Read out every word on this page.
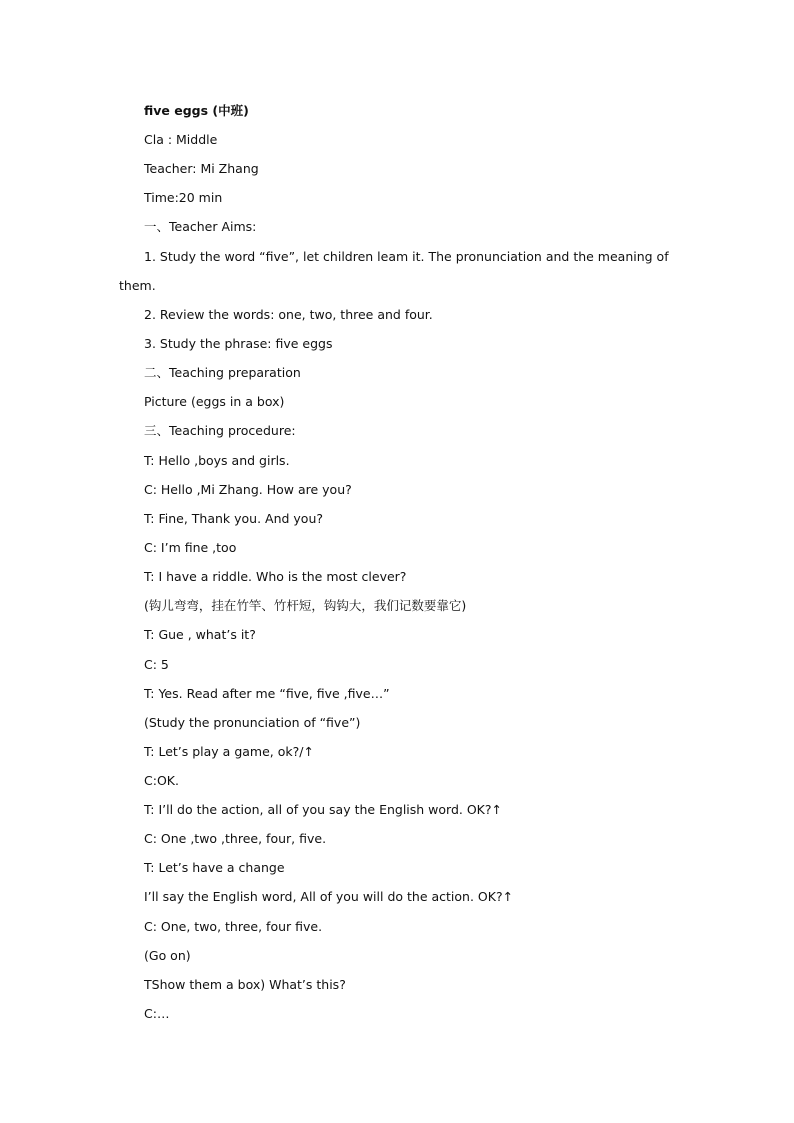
five eggs (中班)
Cla : Middle
Teacher: Mi Zhang
Time:20 min
一、Teacher Aims:
1. Study the word “five”, let children leam it. The pronunciation and the meaning of
them.
2. Review the words: one, two, three and four.
3. Study the phrase: five eggs
二、Teaching preparation
Picture (eggs in a box)
三、Teaching procedure:
T: Hello ,boys and girls.
C: Hello ,Mi Zhang. How are you?
T: Fine, Thank you. And you?
C: I’m fine ,too
T: I have a riddle. Who is the most clever?
(钩儿弯弯，挂在竹竿、竹杆短，钩钩大，我们记数要靠它)
T: Gue , what’s it?
C: 5
T: Yes. Read after me “five, five ,five…”
(Study the pronunciation of “five”)
T: Let’s play a game, ok?/↑
C:OK.
T: I’ll do the action, all of you say the English word. OK?↑
C: One ,two ,three, four, five.
T: Let’s have a change
I’ll say the English word, All of you will do the action. OK?↑
C: One, two, three, four five.
(Go on)
TShow them a box) What’s this?
C:…
